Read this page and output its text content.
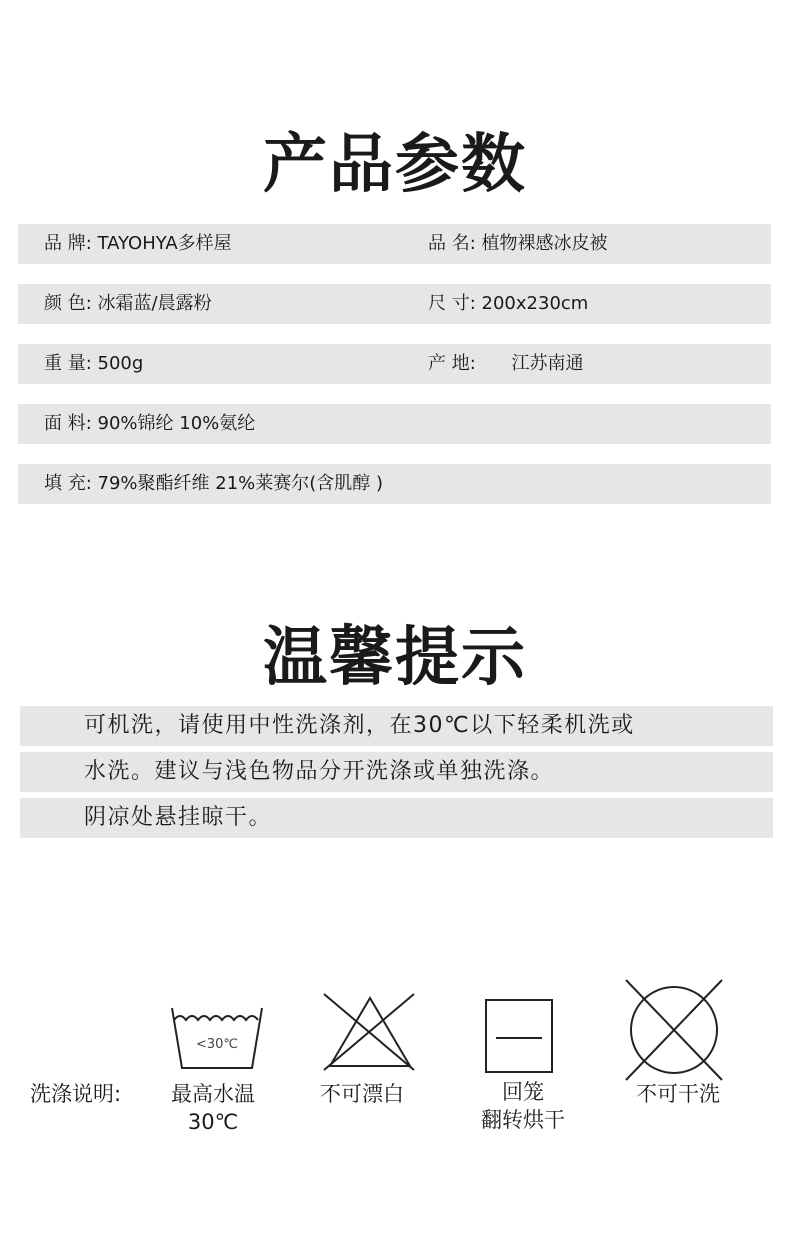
产品参数
品 牌: TAYOHYA多样屋	品 名: 植物裸感冰皮被
颜 色: 冰霜蓝/晨露粉	尺 寸: 200x230cm
重 量: 500g	产 地: 江苏南通
面 料: 90%锦纶 10%氨纶
填 充: 79%聚酯纤维 21%莱赛尔(含肌醇 )
温馨提示
可机洗，请使用中性洗涤剂，在30℃以下轻柔机洗或
水洗。建议与浅色物品分开洗涤或单独洗涤。
阴凉处悬挂晾干。
洗涤说明:
<30℃
最高水温
30℃
不可漂白	回笼
翻转烘干
不可干洗
